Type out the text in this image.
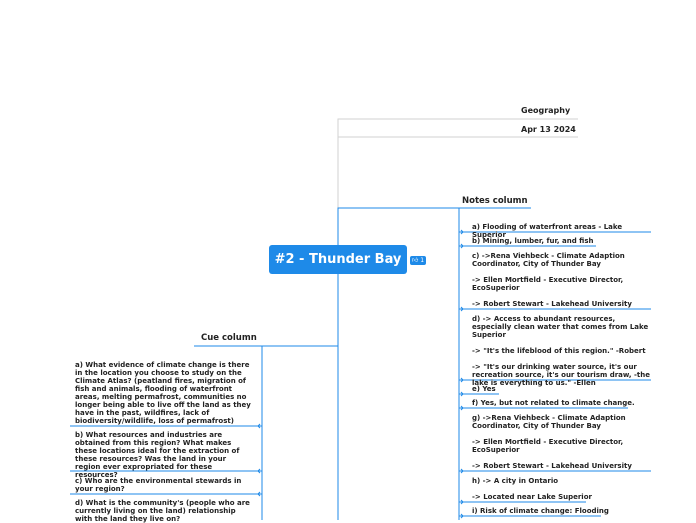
#2 - Thunder Bay	👍︎ 1
Geography
Apr 13 2024
Notes column
a) Flooding of waterfront areas - Lake Superior
b) Mining, lumber, fur, and fish
c) ->Rena Viehbeck - Climate Adaption Coordinator, City of Thunder Bay

-> Ellen Mortfield - Executive Director, EcoSuperior

-> Robert Stewart - Lakehead University
d) -> Access to abundant resources, especially clean water that comes from Lake Superior

-> "It's the lifeblood of this region." -Robert

-> "It's our drinking water source, it's our recreation source, it's our tourism draw, -the lake is everything to us." -Ellen
e) Yes
f) Yes, but not related to climate change.
g) ->Rena Viehbeck - Climate Adaption Coordinator, City of Thunder Bay

-> Ellen Mortfield - Executive Director, EcoSuperior

-> Robert Stewart - Lakehead University
h) -> A city in Ontario

-> Located near Lake Superior
i) Risk of climate change: Flooding
Cue column
a) What evidence of climate change is there in the location you choose to study on the Climate Atlas? (peatland fires, migration of fish and animals, flooding of waterfront areas, melting permafrost, communities no longer being able to live off the land as they have in the past, wildfires, lack of biodiversity/wildlife, loss of permafrost)
b) What resources and industries are obtained from this region? What makes these locations ideal for the extraction of these resources? Was the land in your region ever expropriated for these resources?
c) Who are the environmental stewards in your region?
d) What is the community's (people who are currently living on the land) relationship with the land they live on?
